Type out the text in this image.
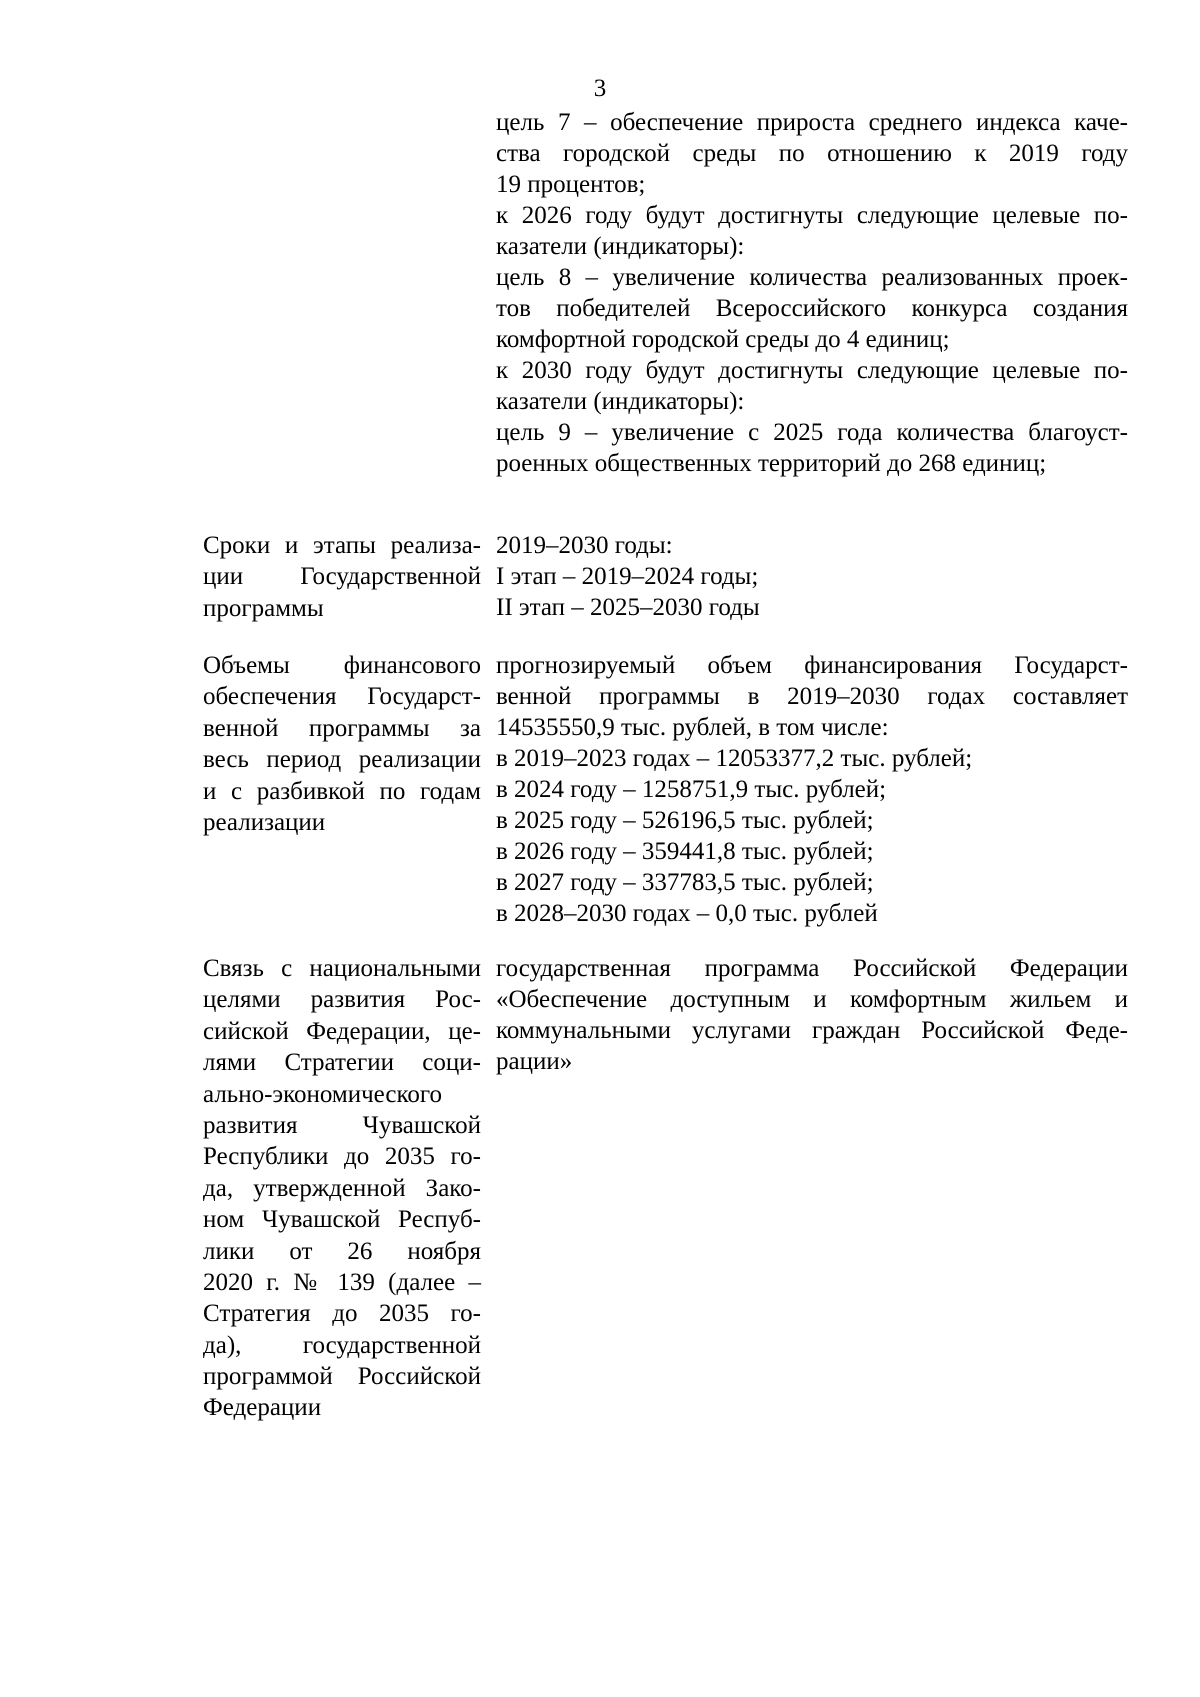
3
цель 7 – обеспечение прироста среднего индекса каче-
ства городской среды по отношению к 2019 году
19 процентов;
к 2026 году будут достигнуты следующие целевые по-
казатели (индикаторы):
цель 8 – увеличение количества реализованных проек-
тов победителей Всероссийского конкурса создания
комфортной городской среды до 4 единиц;
к 2030 году будут достигнуты следующие целевые по-
казатели (индикаторы):
цель 9 – увеличение с 2025 года количества благоуст-
роенных общественных территорий до 268 единиц;
Сроки и этапы реализа-
ции Государственной
программы
2019–2030 годы:
I этап – 2019–2024 годы;
II этап – 2025–2030 годы
Объемы финансового
обеспечения Государст-
венной программы за
весь период реализации
и с разбивкой по годам
реализации
прогнозируемый объем финансирования Государст-
венной программы в 2019–2030 годах составляет
14535550,9 тыс. рублей, в том числе:
в 2019–2023 годах – 12053377,2 тыс. рублей;
в 2024 году – 1258751,9 тыс. рублей;
в 2025 году – 526196,5 тыс. рублей;
в 2026 году – 359441,8 тыс. рублей;
в 2027 году – 337783,5 тыс. рублей;
в 2028–2030 годах – 0,0 тыс. рублей
Связь с национальными
целями развития Рос-
сийской Федерации, це-
лями Стратегии соци-
ально-экономического
развития Чувашской
Республики до 2035 го-
да, утвержденной Зако-
ном Чувашской Респуб-
лики от 26 ноября
2020 г. № 139 (далее –
Стратегия до 2035 го-
да), государственной
программой Российской
Федерации
государственная программа Российской Федерации
«Обеспечение доступным и комфортным жильем и
коммунальными услугами граждан Российской Феде-
рации»
